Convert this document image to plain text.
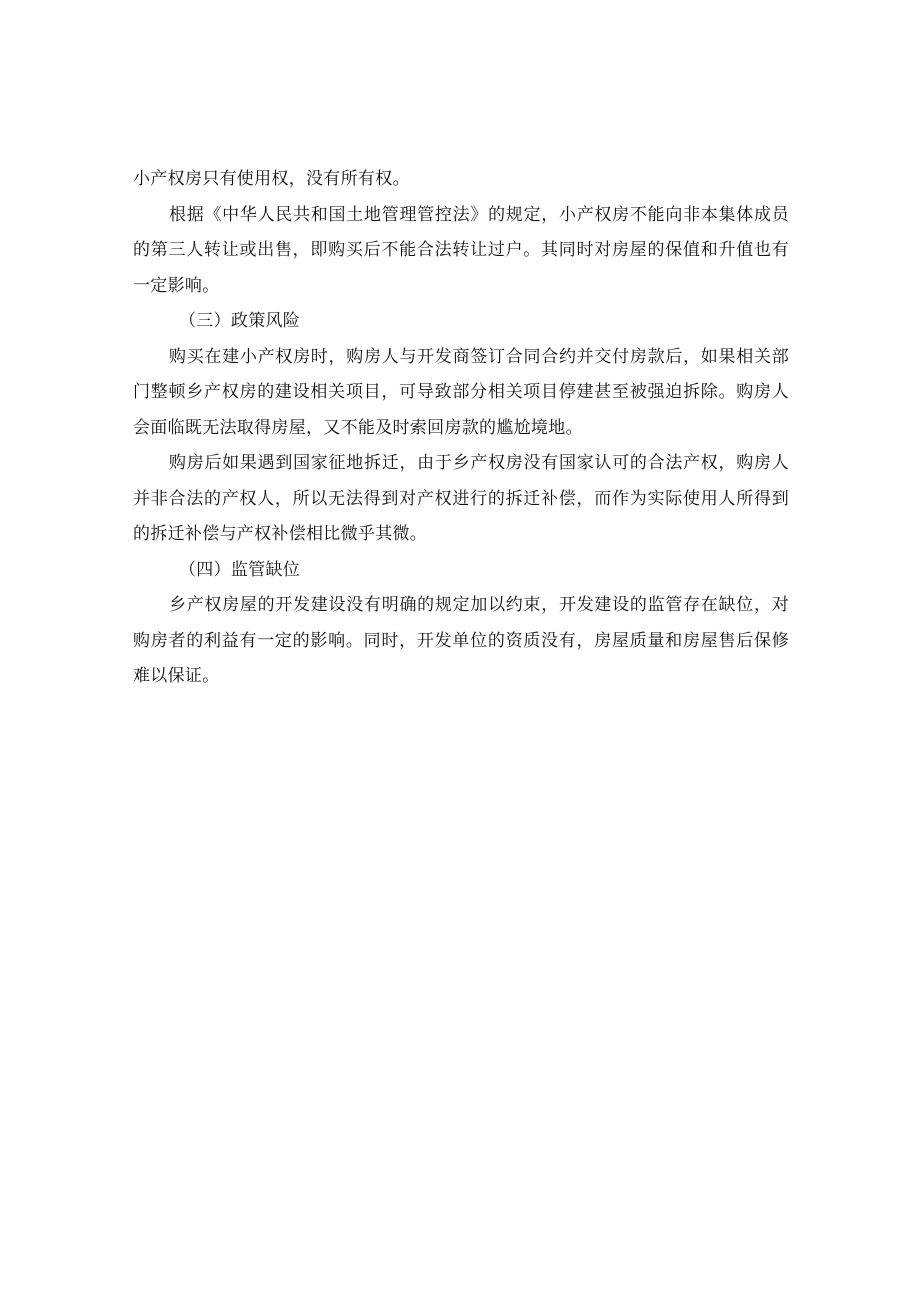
小产权房只有使用权，没有所有权。

根据《中华人民共和国土地管理管控法》的规定，小产权房不能向非本集体成员的第三人转让或出售，即购买后不能合法转让过户。其同时对房屋的保值和升值也有一定影响。

（三）政策风险

购买在建小产权房时，购房人与开发商签订合同合约并交付房款后，如果相关部门整顿乡产权房的建设相关项目，可导致部分相关项目停建甚至被强迫拆除。购房人会面临既无法取得房屋，又不能及时索回房款的尴尬境地。

购房后如果遇到国家征地拆迁，由于乡产权房没有国家认可的合法产权，购房人并非合法的产权人，所以无法得到对产权进行的拆迁补偿，而作为实际使用人所得到的拆迁补偿与产权补偿相比微乎其微。

（四）监管缺位

乡产权房屋的开发建设没有明确的规定加以约束，开发建设的监管存在缺位，对购房者的利益有一定的影响。同时，开发单位的资质没有，房屋质量和房屋售后保修难以保证。
